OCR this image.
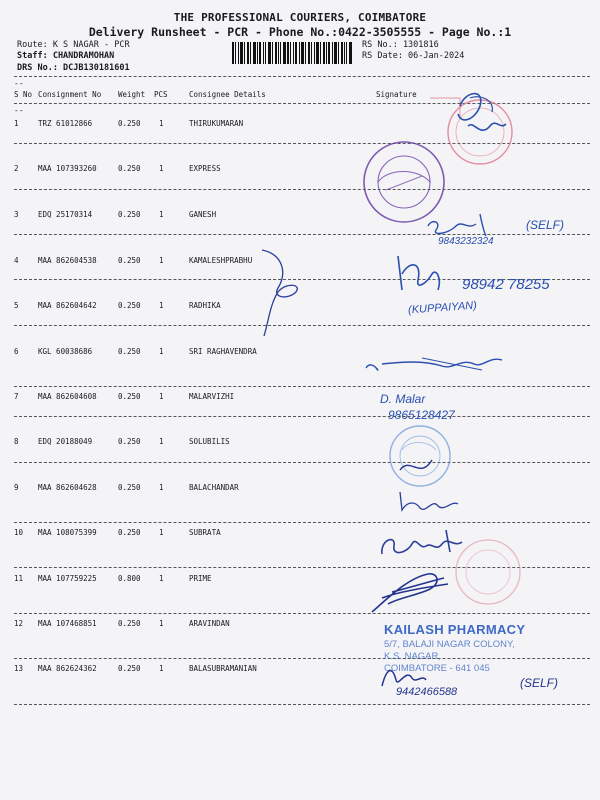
THE PROFESSIONAL COURIERS, COIMBATORE
Delivery Runsheet - PCR - Phone No.:0422-3505555 - Page No.:1
Route: K S NAGAR - PCR
Staff: CHANDRAMOHAN
DRS No.: DCJB130181601
RS No.: 1301816
RS Date: 06-Jan-2024
--
S No Consignment No Weight PCS	Consignee Details	Signature
--
1	TRZ 61012866	0.250 1	THIRUKUMARAN
2	MAA 107393260	0.250 1	EXPRESS
3	EDQ 25170314	0.250 1	GANESH
4	MAA 862604538	0.250 1	KAMALESHPRABHU
5	MAA 862604642	0.250 1	RADHIKA
6	KGL 60038686	0.250 1	SRI RAGHAVENDRA
7	MAA 862604608	0.250 1	MALARVIZHI
8	EDQ 20188049	0.250 1	SOLUBILIS
9	MAA 862604628	0.250 1	BALACHANDAR
10 MAA 108075399	0.250 1	SUBRATA
11 MAA 107759225	0.800 1	PRIME
12 MAA 107468851	0.250 1	ARAVINDAN
13 MAA 862624362	0.250 1	BALASUBRAMANIAN
9843232324
(SELF)
98942 78255
(KUPPAIYAN)
D. Malar
9865128427
KAILASH PHARMACY
5/7, BALAJI NAGAR COLONY,
K.S. NAGAR,
COIMBATORE - 641 045
9442466588
(SELF)
